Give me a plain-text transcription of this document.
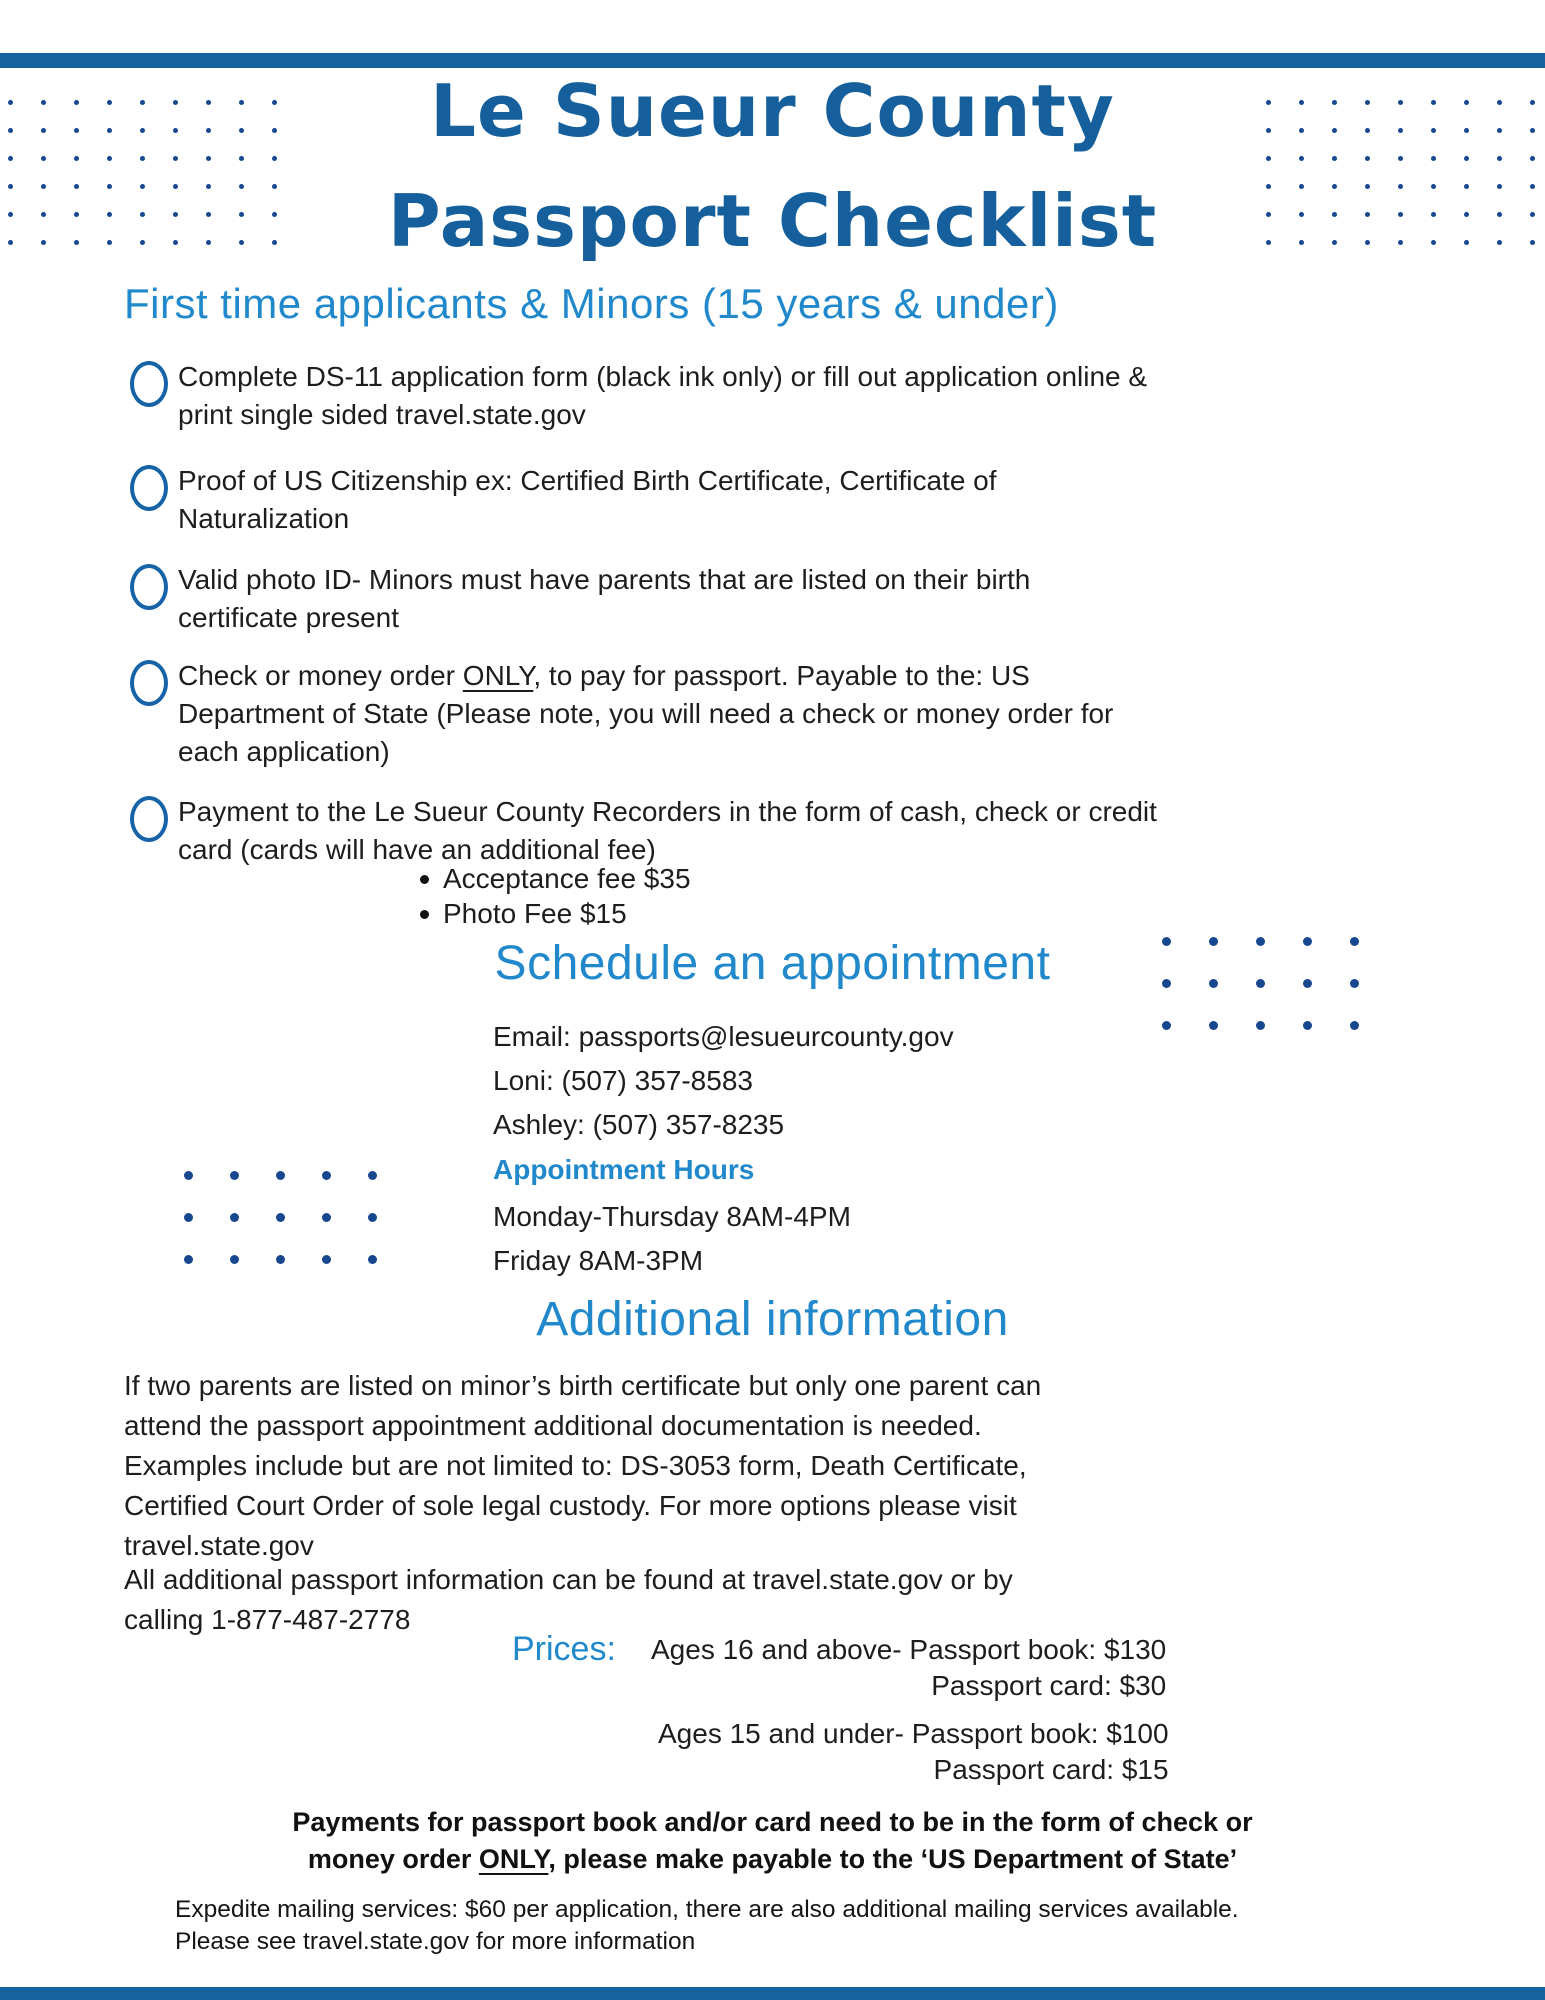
Le Sueur County
Passport Checklist
First time applicants & Minors (15 years & under)
Complete DS-11 application form (black ink only) or fill out application online &
print single sided travel.state.gov
Proof of US Citizenship ex: Certified Birth Certificate, Certificate of
Naturalization
Valid photo ID- Minors must have parents that are listed on their birth
certificate present
Check or money order ONLY, to pay for passport. Payable to the: US
Department of State (Please note, you will need a check or money order for
each application)
Payment to the Le Sueur County Recorders in the form of cash, check or credit
card (cards will have an additional fee)
Acceptance fee $35
Photo Fee $15
Schedule an appointment
Email: passports@lesueurcounty.gov
Loni: (507) 357-8583
Ashley: (507) 357-8235
Appointment Hours
Monday-Thursday 8AM-4PM
Friday 8AM-3PM
Additional information
If two parents are listed on minor’s birth certificate but only one parent can
attend the passport appointment additional documentation is needed.
Examples include but are not limited to: DS-3053 form, Death Certificate,
Certified Court Order of sole legal custody. For more options please visit
travel.state.gov
All additional passport information can be found at travel.state.gov or by
calling 1-877-487-2778
Prices: Ages 16 and above- Passport book: $130
Passport card: $30
Ages 15 and under- Passport book: $100
Passport card: $15
Payments for passport book and/or card need to be in the form of check or
money order ONLY, please make payable to the ‘US Department of State’
Expedite mailing services: $60 per application, there are also additional mailing services available.
Please see travel.state.gov for more information
